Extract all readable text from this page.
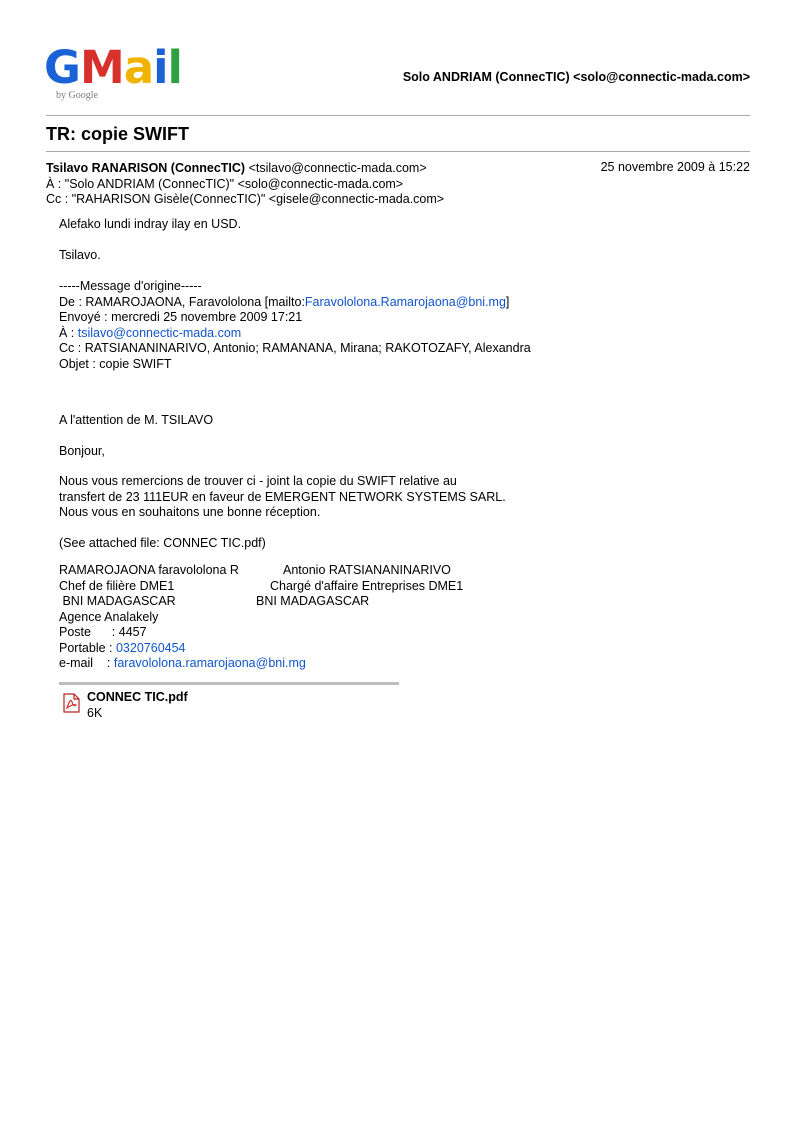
GMail
by Google
Solo ANDRIAM (ConnecTIC) <solo@connectic-mada.com>
TR: copie SWIFT
Tsilavo RANARISON (ConnecTIC) <tsilavo@connectic-mada.com>	25 novembre 2009 à 15:22
À : "Solo ANDRIAM (ConnecTIC)" <solo@connectic-mada.com>
Cc : "RAHARISON Gisèle(ConnecTIC)" <gisele@connectic-mada.com>
Alefako lundi indray ilay en USD.
Tsilavo.
-----Message d'origine-----
De : RAMAROJAONA, Faravololona [mailto:Faravololona.Ramarojaona@bni.mg]
Envoyé : mercredi 25 novembre 2009 17:21
À : tsilavo@connectic-mada.com
Cc : RATSIANANINARIVO, Antonio; RAMANANA, Mirana; RAKOTOZAFY, Alexandra
Objet : copie SWIFT
A l'attention de M. TSILAVO
Bonjour,
Nous vous remercions de trouver ci - joint la copie du SWIFT relative au
transfert de 23 111EUR en faveur de EMERGENT NETWORK SYSTEMS SARL.
Nous vous en souhaitons une bonne réception.
(See attached file: CONNEC TIC.pdf)
RAMAROJAONA faravololona R
Chef de filière DME1
BNI MADAGASCAR
Agence Analakely
Poste      : 4457
Portable : 0320760454
e-mail    : faravololona.ramarojaona@bni.mg
Antonio RATSIANANINARIVO
Chargé d'affaire Entreprises DME1
BNI MADAGASCAR
CONNEC TIC.pdf
6K
